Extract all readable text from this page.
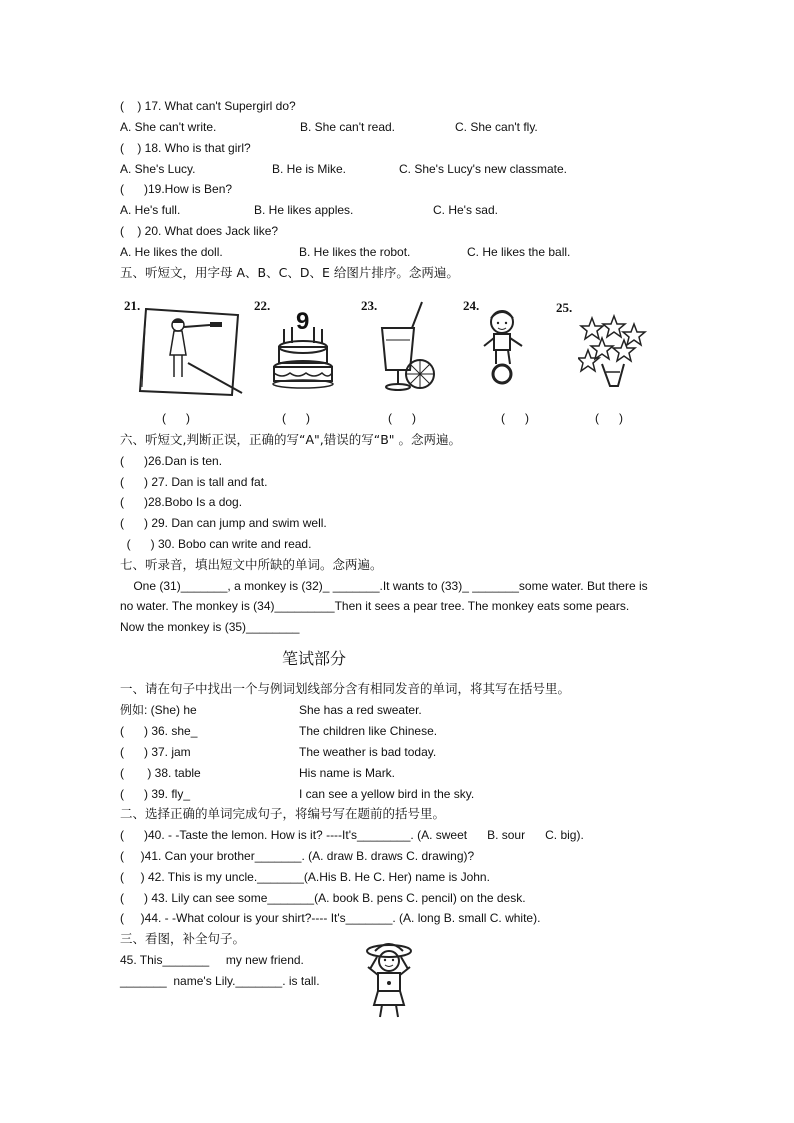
(    ) 17. What can't Supergirl do?
A. She can't write.	B. She can't read.	C. She can't fly.
(    ) 18. Who is that girl?
A. She's Lucy.	B. He is Mike.	C. She's Lucy's new classmate.
(      )19.How is Ben?
A. He's full.	B. He likes apples.	C. He's sad.
(    ) 20. What does Jack like?
A. He likes the doll.	B. He likes the robot.	C. He likes the ball.
五、听短文，用字母 A、B、C、D、E 给图片排序。念两遍。
21.	22.	23.	24.	25.
9
(      )	(      )	(      )	(      )	(      )
六、听短文,判断正误，正确的写“A",错误的写“B" 。念两遍。
(      )26.Dan is ten.
(      ) 27. Dan is tall and fat.
(      )28.Bobo Is a dog.
(      ) 29. Dan can jump and swim well.
(      ) 30. Bobo can write and read.
七、听录音，填出短文中所缺的单词。念两遍。
One (31)_______, a monkey is (32)_ _______.It wants to (33)_ _______some water. But there is
no water. The monkey is (34)_________Then it sees a pear tree. The monkey eats some pears.
Now the monkey is (35)________
笔试部分
一、请在句子中找出一个与例词划线部分含有相同发音的单词，将其写在括号里。
例如: (She) he	She has a red sweater.
(      ) 36. she_	The children like Chinese.
(      ) 37. jam	The weather is bad today.
(       ) 38. table	His name is Mark.
(      ) 39. fly_	I can see a yellow bird in the sky.
二、选择正确的单词完成句子，将编号写在题前的括号里。
(      )40. - -Taste the lemon. How is it? ----It's________. (A. sweet      B. sour      C. big).
(     )41. Can your brother_______. (A. draw B. draws C. drawing)?
(     ) 42. This is my uncle._______(A.His B. He C. Her) name is John.
(      ) 43. Lily can see some_______(A. book B. pens C. pencil) on the desk.
(     )44. - -What colour is your shirt?---- It's_______. (A. long B. small C. white).
三、看图，补全句子。
45. This_______     my new friend.
_______  name's Lily._______. is tall.
